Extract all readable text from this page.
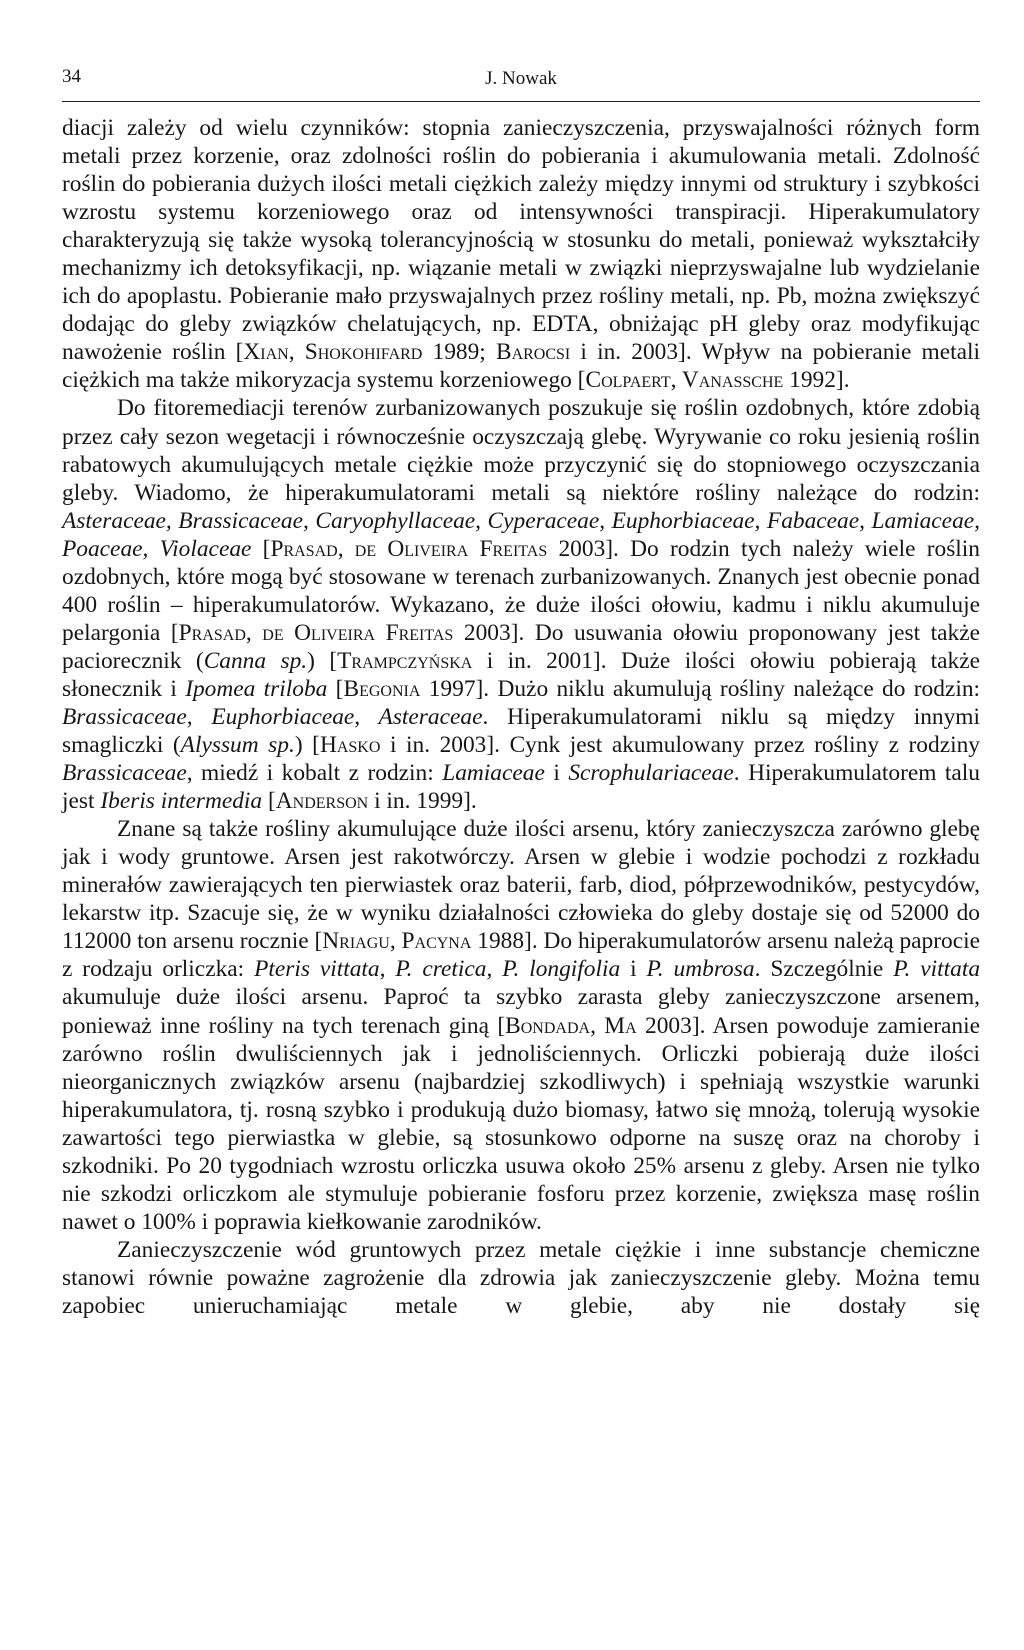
34	J. Nowak

diacji zależy od wielu czynników: stopnia zanieczyszczenia, przyswajalności różnych form metali przez korzenie, oraz zdolności roślin do pobierania i akumulowania metali. Zdolność roślin do pobierania dużych ilości metali ciężkich zależy między innymi od struktury i szybkości wzrostu systemu korzeniowego oraz od intensywności transpiracji. Hiperakumulatory charakteryzują się także wysoką tolerancyjnością w stosunku do metali, ponieważ wykształciły mechanizmy ich detoksyfikacji, np. wiązanie metali w związki nieprzyswajalne lub wydzielanie ich do apoplastu. Pobieranie mało przyswajalnych przez rośliny metali, np. Pb, można zwiększyć dodając do gleby związków chelatujących, np. EDTA, obniżając pH gleby oraz modyfikując nawożenie roślin [Xian, Shokohifard 1989; Barocsi i in. 2003]. Wpływ na pobieranie metali ciężkich ma także mikoryzacja systemu korzeniowego [Colpaert, Vanassche 1992].

Do fitoremediacji terenów zurbanizowanych poszukuje się roślin ozdobnych, które zdobią przez cały sezon wegetacji i równocześnie oczyszczają glebę. Wyrywanie co roku jesienią roślin rabatowych akumulujących metale ciężkie może przyczynić się do stopniowego oczyszczania gleby. Wiadomo, że hiperakumulatorami metali są niektóre rośliny należące do rodzin: Asteraceae, Brassicaceae, Caryophyllaceae, Cyperaceae, Euphorbiaceae, Fabaceae, Lamiaceae, Poaceae, Violaceae [Prasad, de Oliveira Freitas 2003]. Do rodzin tych należy wiele roślin ozdobnych, które mogą być stosowane w terenach zurbanizowanych. Znanych jest obecnie ponad 400 roślin – hiperakumulatorów. Wykazano, że duże ilości ołowiu, kadmu i niklu akumuluje pelargonia [Prasad, de Oliveira Freitas 2003]. Do usuwania ołowiu proponowany jest także paciorecznik (Canna sp.) [Trampczyńska i in. 2001]. Duże ilości ołowiu pobierają także słonecznik i Ipomea triloba [Begonia 1997]. Dużo niklu akumulują rośliny należące do rodzin: Brassicaceae, Euphorbiaceae, Asteraceae. Hiperakumulatorami niklu są między innymi smagliczki (Alyssum sp.) [Hasko i in. 2003]. Cynk jest akumulowany przez rośliny z rodziny Brassicaceae, miedź i kobalt z rodzin: Lamiaceae i Scrophulariaceae. Hiperakumulatorem talu jest Iberis intermedia [Anderson i in. 1999].

Znane są także rośliny akumulujące duże ilości arsenu, który zanieczyszcza zarówno glebę jak i wody gruntowe. Arsen jest rakotwórczy. Arsen w glebie i wodzie pochodzi z rozkładu minerałów zawierających ten pierwiastek oraz baterii, farb, diod, półprzewodników, pestycydów, lekarstw itp. Szacuje się, że w wyniku działalności człowieka do gleby dostaje się od 52000 do 112000 ton arsenu rocznie [Nriagu, Pacyna 1988]. Do hiperakumulatorów arsenu należą paprocie z rodzaju orliczka: Pteris vittata, P. cretica, P. longifolia i P. umbrosa. Szczególnie P. vittata akumuluje duże ilości arsenu. Paproć ta szybko zarasta gleby zanieczyszczone arsenem, ponieważ inne rośliny na tych terenach giną [Bondada, Ma 2003]. Arsen powoduje zamieranie zarówno roślin dwuliściennych jak i jednoliściennych. Orliczki pobierają duże ilości nieorganicznych związków arsenu (najbardziej szkodliwych) i spełniają wszystkie warunki hiperakumulatora, tj. rosną szybko i produkują dużo biomasy, łatwo się mnożą, tolerują wysokie zawartości tego pierwiastka w glebie, są stosunkowo odporne na suszę oraz na choroby i szkodniki. Po 20 tygodniach wzrostu orliczka usuwa około 25% arsenu z gleby. Arsen nie tylko nie szkodzi orliczkom ale stymuluje pobieranie fosforu przez korzenie, zwiększa masę roślin nawet o 100% i poprawia kiełkowanie zarodników.

Zanieczyszczenie wód gruntowych przez metale ciężkie i inne substancje chemiczne stanowi równie poważne zagrożenie dla zdrowia jak zanieczyszczenie gleby. Można temu zapobiec unieruchamiając metale w glebie, aby nie dostały się
